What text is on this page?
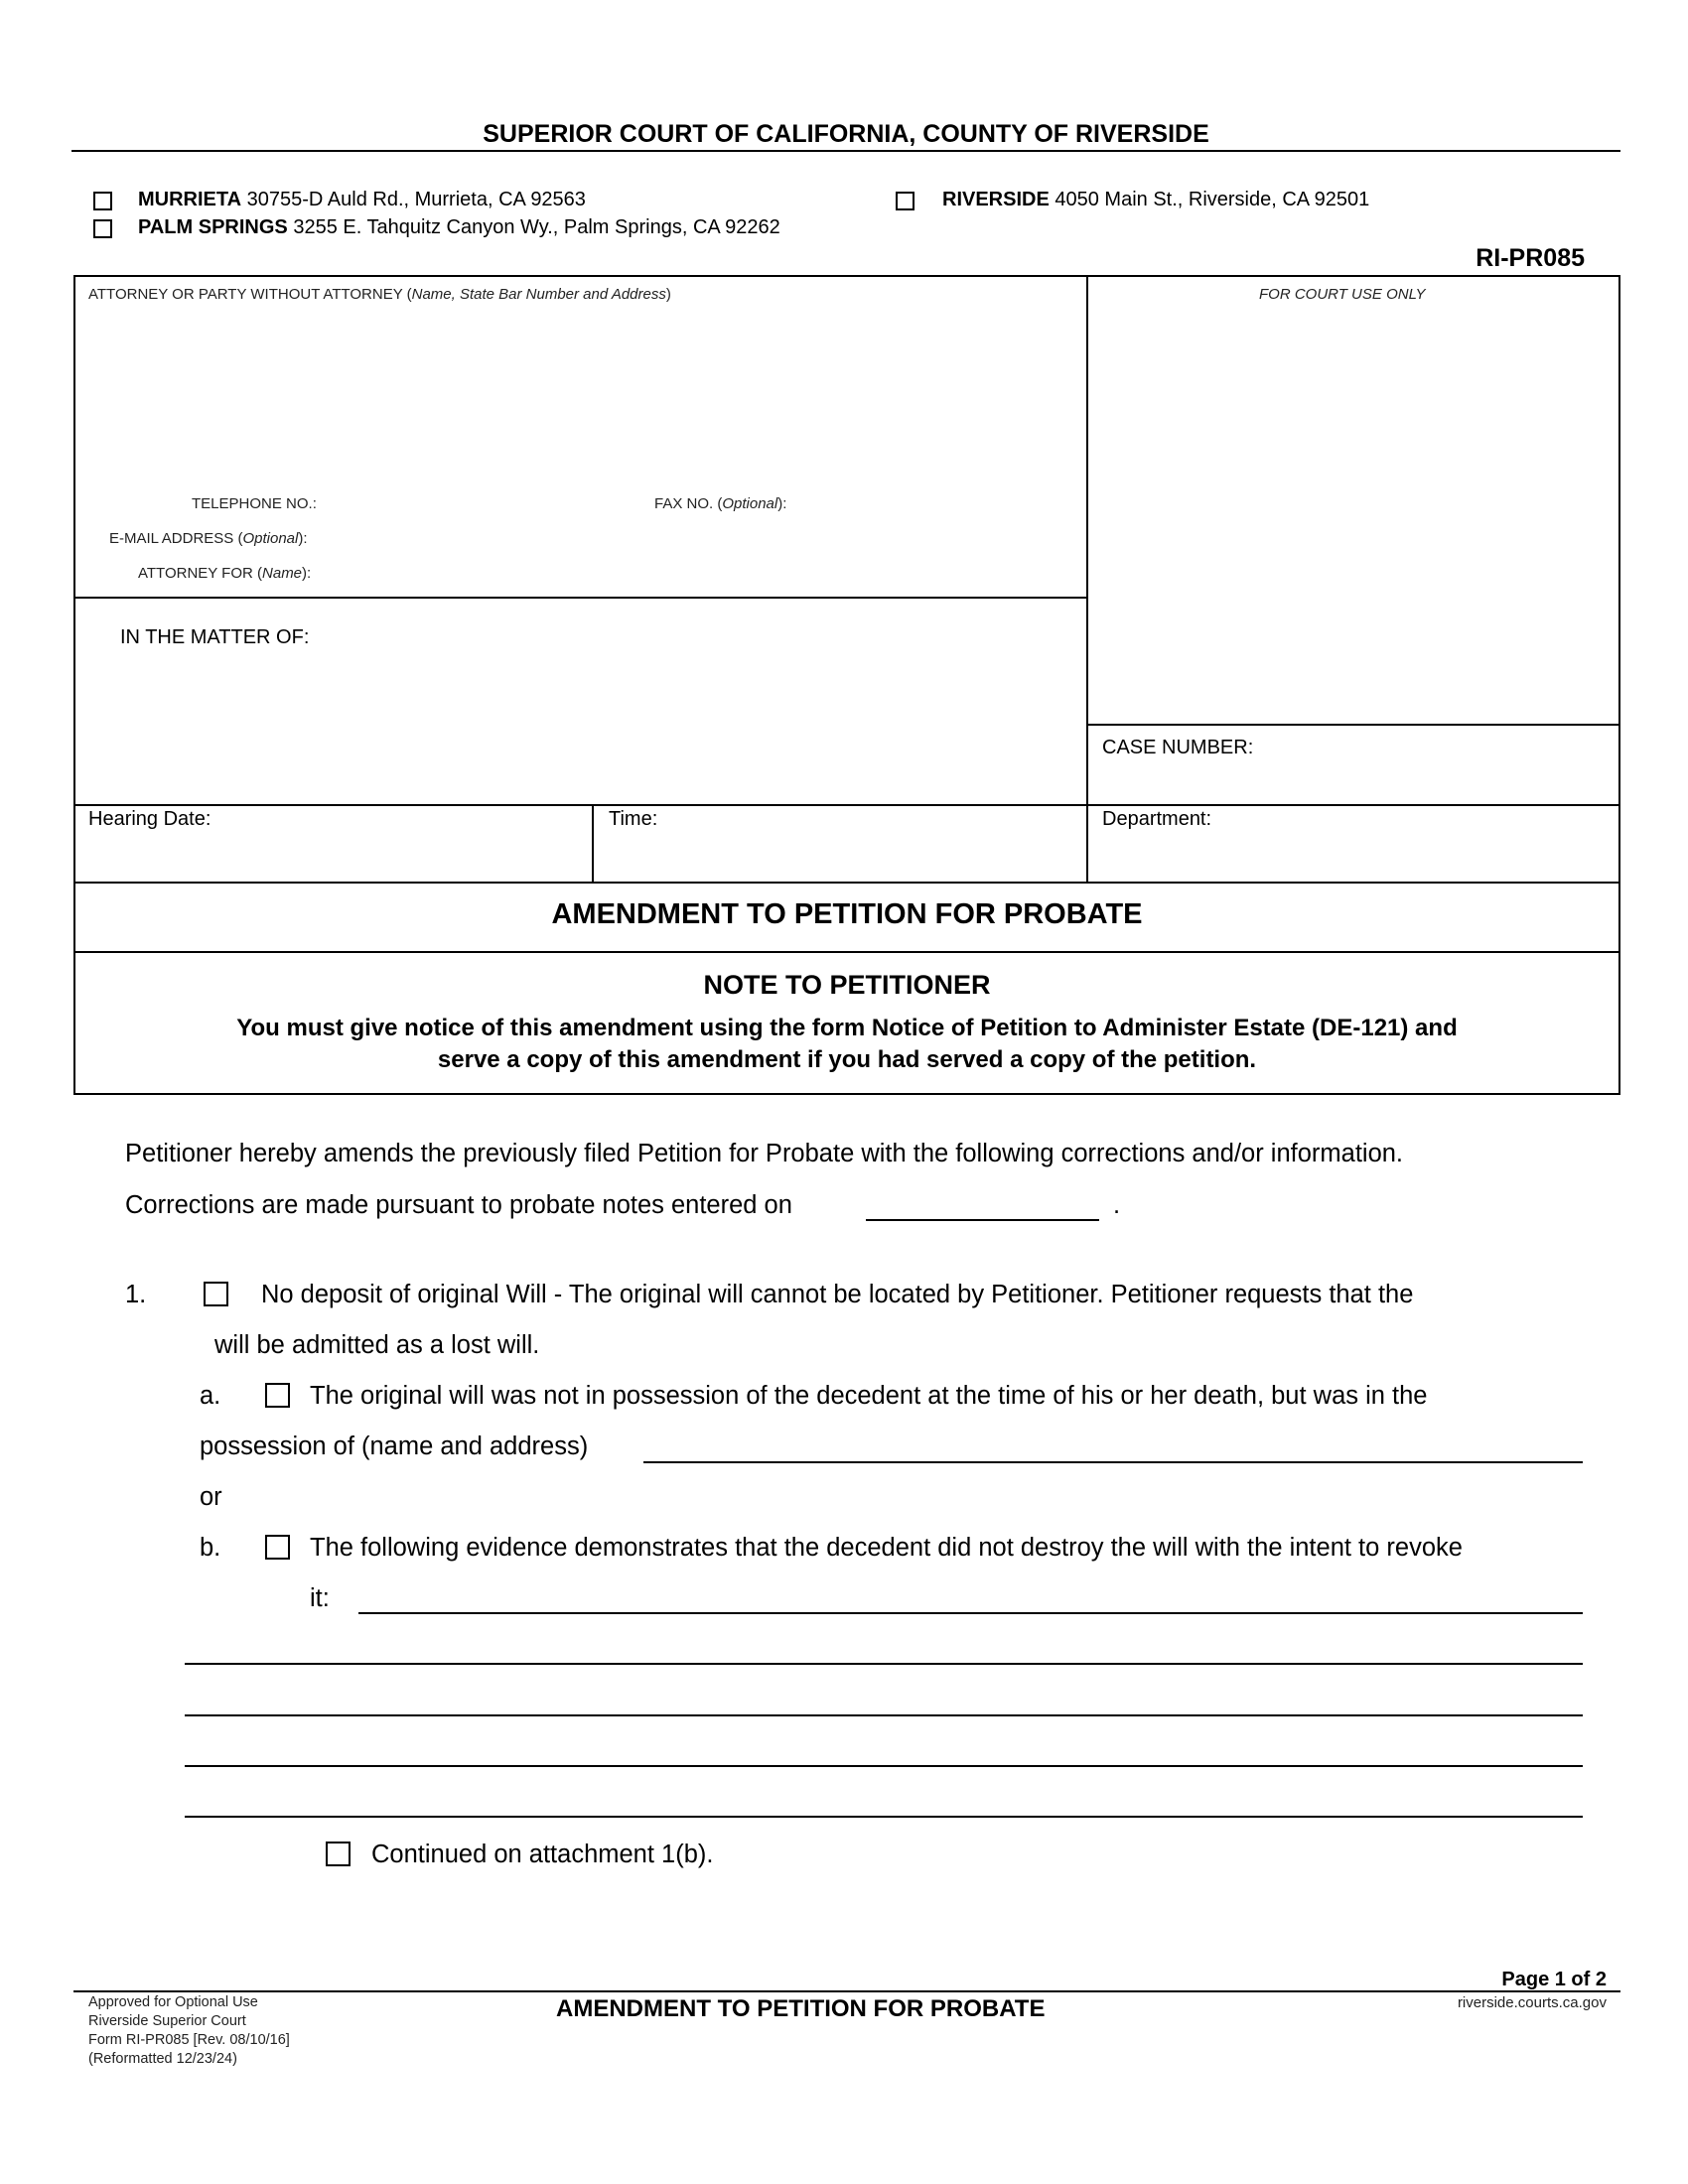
SUPERIOR COURT OF CALIFORNIA, COUNTY OF RIVERSIDE
MURRIETA 30755-D Auld Rd., Murrieta, CA 92563
PALM SPRINGS 3255 E. Tahquitz Canyon Wy., Palm Springs, CA 92262
RIVERSIDE 4050 Main St., Riverside, CA 92501
RI-PR085
ATTORNEY OR PARTY WITHOUT ATTORNEY (Name, State Bar Number and Address)	FOR COURT USE ONLY
TELEPHONE NO.:	FAX NO. (Optional):
E-MAIL ADDRESS (Optional):
ATTORNEY FOR (Name):
IN THE MATTER OF:
CASE NUMBER:
Hearing Date:	Time:	Department:
AMENDMENT TO PETITION FOR PROBATE
NOTE TO PETITIONER
You must give notice of this amendment using the form Notice of Petition to Administer Estate (DE-121) and
serve a copy of this amendment if you had served a copy of the petition.
Petitioner hereby amends the previously filed Petition for Probate with the following corrections and/or information.
Corrections are made pursuant to probate notes entered on	.
1.	No deposit of original Will - The original will cannot be located by Petitioner. Petitioner requests that the
will be admitted as a lost will.
a.	The original will was not in possession of the decedent at the time of his or her death, but was in the
possession of (name and address)
or
b.	The following evidence demonstrates that the decedent did not destroy the will with the intent to revoke
it:
Continued on attachment 1(b).
Page 1 of 2
riverside.courts.ca.gov
AMENDMENT TO PETITION FOR PROBATE
Approved for Optional Use
Riverside Superior Court
Form RI-PR085 [Rev. 08/10/16]
(Reformatted 12/23/24)
